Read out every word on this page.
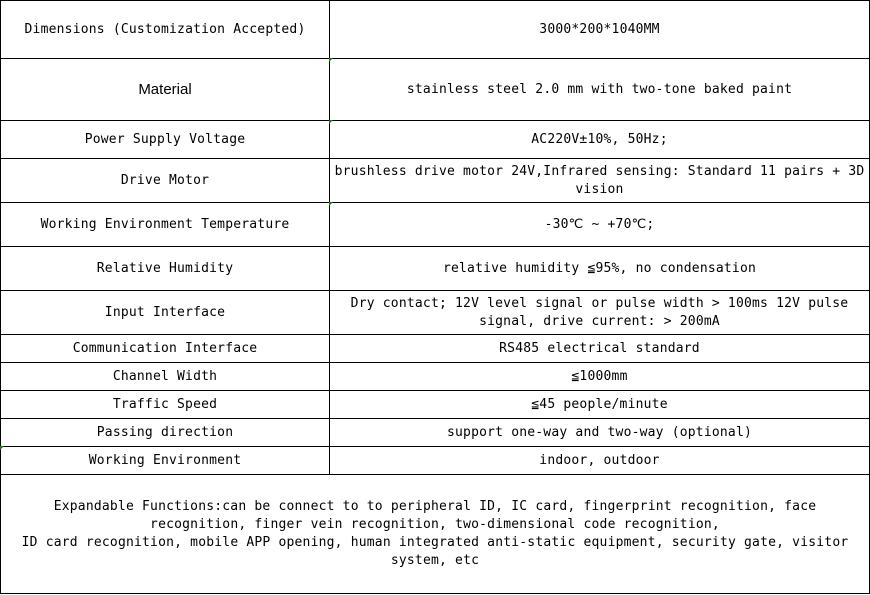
Dimensions (Customization Accepted)	3000*200*1040MM
Material	stainless steel 2.0 mm with two-tone baked paint
Power Supply Voltage	AC220V±10%, 50Hz;
Drive Motor	brushless drive motor 24V,Infrared sensing: Standard 11 pairs + 3D vision
Working Environment Temperature	-30℃ ~ +70℃;
Relative Humidity	relative humidity ≦95%, no condensation
Input Interface	Dry contact; 12V level signal or pulse width > 100ms 12V pulse signal, drive current: > 200mA
Communication Interface	RS485 electrical standard
Channel Width	≦1000mm
Traffic Speed	≦45 people/minute
Passing direction	support one-way and two-way (optional)

Working Environment	indoor, outdoor

Expandable Functions:can be connect to to peripheral ID, IC card, fingerprint recognition, face recognition, finger vein recognition, two-dimensional code recognition,
ID card recognition, mobile APP opening, human integrated anti-static equipment, security gate, visitor system, etc	
